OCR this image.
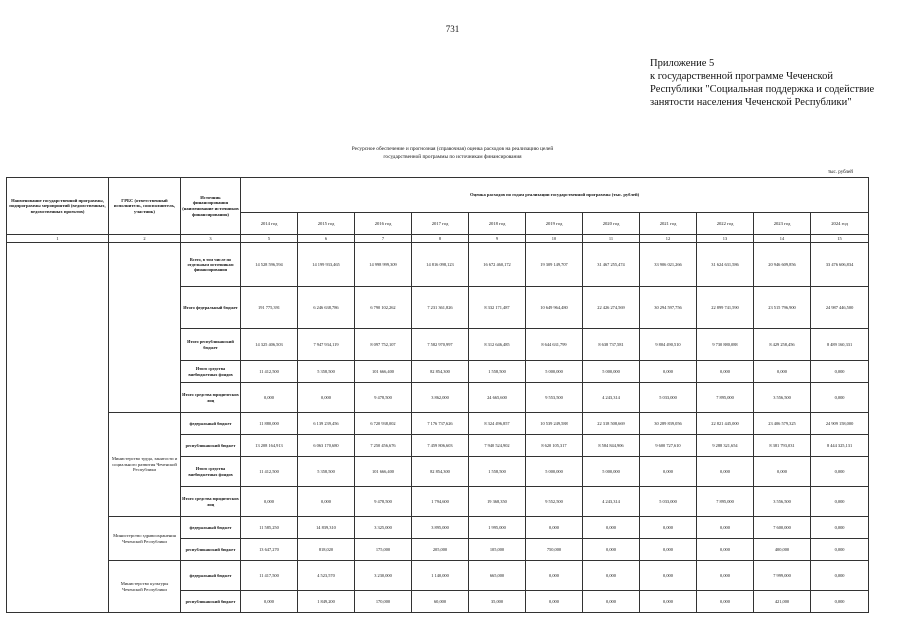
731
Приложение 5
к государственной программе Чеченской
Республики "Социальная поддержка и содействие
занятости населения Чеченской Республики"
Ресурсное обеспечение и прогнозная (справочная) оценка расходов на реализацию целей
государственной программы по источникам финансирования
тыс. рублей
Наименование государственной программы, подпрограммы мероприятий (ведомственных, ведомственных проектов)	ГРБС (ответственный исполнитель, соисполнитель, участник)	Источник финансирования (наименование источников финансирования)	Оценка расходов по годам реализации государственной программы (тыс. рублей)										
			2014 год	2015 год	2016 год	2017 год	2018 год	2019 год	2020 год	2021 год	2022 год	2023 год	2024 год
1	2	3	5	6	7	8	9	10	11	12	13	14	15
		Всего, в том числе по отдельным источникам финансирования	14 528 596,594	14 199 933,465	14 998 999,309	14 816 098,123	16 672 460,172	19 309 149,707	31 467 255,474	33 906 021,266	31 624 631,586	20 946 609,856	33 476 606,834
		Итого федеральный бюджет	191 775,391	6 246 638,786	6 790 102,262	7 231 361,826	8 332 171,487	10 649 964,480	22 426 274,569	30 294 597,756	22 899 741,590	23 515 796,900	24 987 446,500
		Итого республиканский бюджет	14 325 406,503	7 947 934,119	8 097 752,107	7 582 970,997	8 312 646,485	8 644 631,799	8 638 737,581	9 804 490,510	9 730 880,088	8 429 258,456	8 489 160,331
		Итого средства внебюджетных фондов	11 412,500	5 358,500	101 666,400	82 854,300	1 558,500	5 000,000	5 000,000	0,000	0,000	0,000	0,000
		Итого средства юридических лиц	0,000	0,000	9 478,500	3 862,000	24 665,600	9 553,500	4 243,314	5 033,000	7 895,000	3 556,500	0,000
	Министерство труда, занятости и социального развития Чеченской Республики	федеральный бюджет	11 880,000	6 139 239,456	6 720 938,002	7 176 737,626	8 324 496,857	10 539 249,588	22 318 508,669	30 289 839,056	22 821 445,000	23 406 579,325	24 909 158,000
		республиканский бюджет	13 208 164,913	6 063 170,680	7 250 456,676	7 459 806,603	7 940 524,902	8 620 105,317	8 584 844,906	9 600 727,610	9 288 321,654	8 381 793,031	8 444 325,131
		Итого средства внебюджетных фондов	11 412,500	5 358,500	101 666,400	82 854,300	1 558,500	5 000,000	5 000,000	0,000	0,000	0,000	0,000
		Итого средства юридических лиц	0,000	0,000	9 478,500	1 794,600	19 368,350	9 552,500	4 243,314	5 033,000	7 895,000	3 556,500	0,000
	Министерство здравоохранения Чеченской Республики	федеральный бюджет	11 585,250	14 839,310	3 325,000	3 895,000	1 995,000	0,000	0,000	0,000	0,000	7 600,000	0,000
		республиканский бюджет	13 647,270	818,020	175,000	205,000	105,000	750,000	0,000	0,000	0,000	400,000	0,000
	Министерство культуры Чеченской Республики	федеральный бюджет	11 417,500	4 523,570	3 230,000	1 140,000	665,000	0,000	0,000	0,000	0,000	7 999,000	0,000
		республиканский бюджет	0,000	1 849,200	170,000	60,000	35,000	0,000	0,000	0,000	0,000	421,000	0,000
